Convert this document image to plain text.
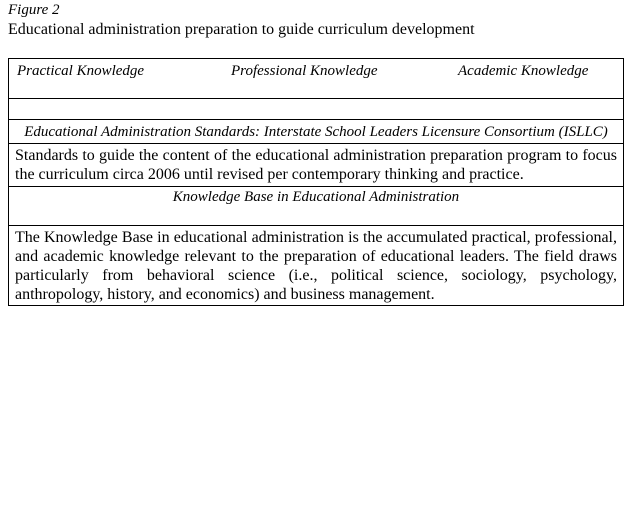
Figure 2
Educational administration preparation to guide curriculum development
Practical Knowledge	Professional Knowledge	Academic Knowledge
Educational Administration Standards: Interstate School Leaders Licensure Consortium (ISLLC)
Standards to guide the content of the educational administration preparation program to focus the curriculum circa 2006 until revised per contemporary thinking and practice.
Knowledge Base in Educational Administration
The Knowledge Base in educational administration is the accumulated practical, professional, and academic knowledge relevant to the preparation of educational leaders. The field draws particularly from behavioral science (i.e., political science, sociology, psychology, anthropology, history, and economics) and business management.
